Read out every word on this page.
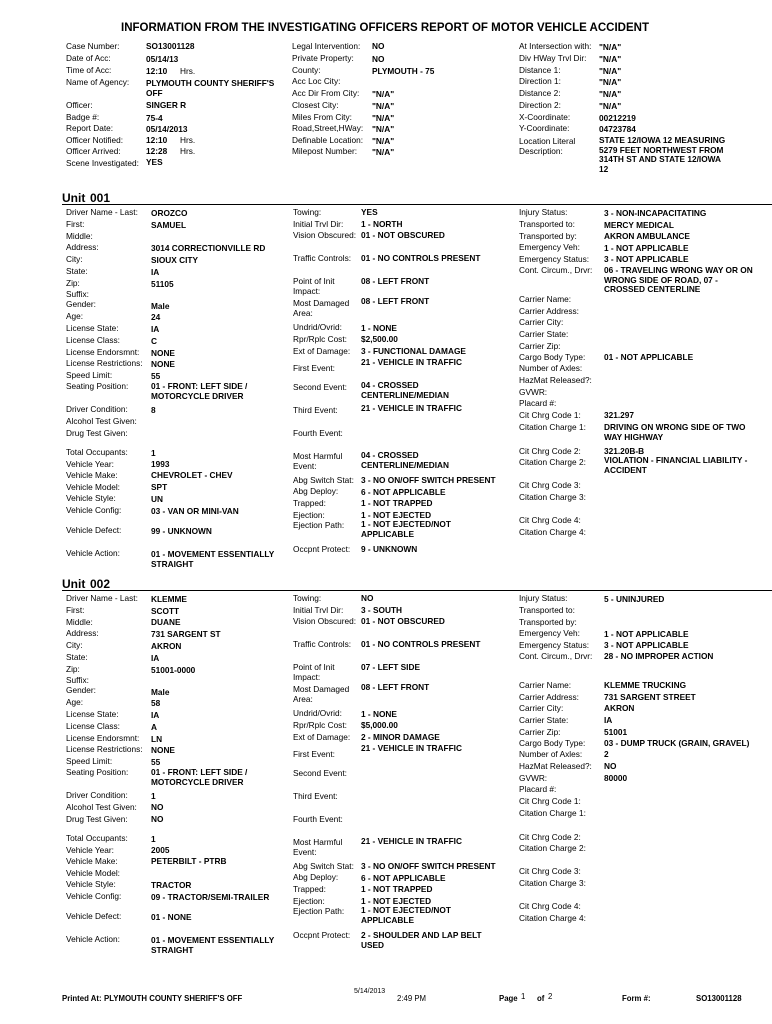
INFORMATION FROM THE INVESTIGATING OFFICERS REPORT OF MOTOR VEHICLE ACCIDENT
Case Number:	SO13001128
Date of Acc:	05/14/13
Time of Acc:	12:10 Hrs.
Name of Agency: PLYMOUTH COUNTY SHERIFF'S OFF
Officer:	SINGER R
Badge #:	75-4
Report Date:	05/14/2013
Officer Notified:	12:10 Hrs.
Officer Arrived:	12:28 Hrs.
Scene Investigated: YES
Legal Intervention: NO
Private Property: NO
County:	PLYMOUTH - 75
Acc Loc City:
Acc Dir From City: "N/A"
Closest City:	"N/A"
Miles From City: "N/A"
Road,Street,HWay: "N/A"
Definable Location: "N/A"
Milepost Number: "N/A"
At Intersection with: "N/A"
Div HWay Trvl Dir: "N/A"
Distance 1:	"N/A"
Direction 1:	"N/A"
Distance 2:	"N/A"
Direction 2:	"N/A"
X-Coordinate:	00212219
Y-Coordinate:	04723784
Location Literal Description:
STATE 12/IOWA 12 MEASURING 5279 FEET NORTHWEST FROM 314TH ST AND STATE 12/IOWA 12
Unit 001
Driver Name - Last: OROZCO
First:	SAMUEL
Middle:
Address:	3014 CORRECTIONVILLE RD
City:	SIOUX CITY
State:	IA
Zip:	51105
Suffix:
Gender:	Male
Age:	24
License State:	IA
License Class:	C
License Endorsmnt: NONE
License Restrictions: NONE
Speed Limit:	55
Seating Position:	01 - FRONT: LEFT SIDE / MOTORCYCLE DRIVER
Driver Condition:	8
Alcohol Test Given:
Drug Test Given:
Total Occupants:	1
Vehicle Year:	1993
Vehicle Make:	CHEVROLET - CHEV
Vehicle Model:	SPT
Vehicle Style:	UN
Vehicle Config:	03 - VAN OR MINI-VAN
Vehicle Defect:	99 - UNKNOWN
Vehicle Action:	01 - MOVEMENT ESSENTIALLY STRAIGHT
Towing:	YES
Initial Trvl Dir: 1 - NORTH
Vision Obscured: 01 - NOT OBSCURED
Traffic Controls: 01 - NO CONTROLS PRESENT
Point of Init Impact:
08 - LEFT FRONT
Most Damaged Area:
08 - LEFT FRONT
Undrid/Ovrid: 1 - NONE
Rpr/Rplc Cost: $2,500.00
Ext of Damage: 3 - FUNCTIONAL DAMAGE
First Event:
21 - VEHICLE IN TRAFFIC
Second Event: 04 - CROSSED CENTERLINE/MEDIAN
Third Event:	21 - VEHICLE IN TRAFFIC
Fourth Event:
Most Harmful Event:
04 - CROSSED CENTERLINE/MEDIAN
Abg Switch Stat: 3 - NO ON/OFF SWITCH PRESENT
Abg Deploy:	6 - NOT APPLICABLE
Trapped:	1 - NOT TRAPPED
Ejection:	1 - NOT EJECTED
Ejection Path: 1 - NOT EJECTED/NOT APPLICABLE
Occpnt Protect: 9 - UNKNOWN
Injury Status:	3 - NON-INCAPACITATING
Transported to:	MERCY MEDICAL
Transported by:	AKRON AMBULANCE
Emergency Veh:	1 - NOT APPLICABLE
Emergency Status: 3 - NOT APPLICABLE
Cont. Circum., Drvr: 06 - TRAVELING WRONG WAY OR ON WRONG SIDE OF ROAD, 07 - CROSSED CENTERLINE
Carrier Name:
Carrier Address:
Carrier City:
Carrier State:
Carrier Zip:
Cargo Body Type: 01 - NOT APPLICABLE
Number of Axles:
HazMat Released?:
GVWR:
Placard #:
Cit Chrg Code 1:	321.297
Citation Charge 1: DRIVING ON WRONG SIDE OF TWO WAY HIGHWAY
Cit Chrg Code 2:	321.20B-B
Citation Charge 2: VIOLATION - FINANCIAL LIABILITY - ACCIDENT
Cit Chrg Code 3:
Citation Charge 3:
Cit Chrg Code 4:
Citation Charge 4:
Unit 002
Driver Name - Last: KLEMME
First:	SCOTT
Middle:	DUANE
Address:	731 SARGENT ST
City:	AKRON
State:	IA
Zip:	51001-0000
Suffix:
Gender:	Male
Age:	58
License State:	IA
License Class:	A
License Endorsmnt: LN
License Restrictions: NONE
Speed Limit:	55
Seating Position:	01 - FRONT: LEFT SIDE / MOTORCYCLE DRIVER
Driver Condition:	1
Alcohol Test Given: NO
Drug Test Given:	NO
Total Occupants:	1
Vehicle Year:	2005
Vehicle Make:	PETERBILT - PTRB
Vehicle Model:
Vehicle Style:	TRACTOR
Vehicle Config:	09 - TRACTOR/SEMI-TRAILER
Vehicle Defect:	01 - NONE
Vehicle Action:	01 - MOVEMENT ESSENTIALLY STRAIGHT
Towing:	NO
Initial Trvl Dir: 3 - SOUTH
Vision Obscured: 01 - NOT OBSCURED
Traffic Controls: 01 - NO CONTROLS PRESENT
Point of Init Impact:
07 - LEFT SIDE
Most Damaged Area:
08 - LEFT FRONT
Undrid/Ovrid: 1 - NONE
Rpr/Rplc Cost: $5,000.00
Ext of Damage: 2 - MINOR DAMAGE
First Event:
21 - VEHICLE IN TRAFFIC
Second Event:
Third Event:
Fourth Event:
Most Harmful Event:
21 - VEHICLE IN TRAFFIC
Abg Switch Stat: 3 - NO ON/OFF SWITCH PRESENT
Abg Deploy:	6 - NOT APPLICABLE
Trapped:	1 - NOT TRAPPED
Ejection:	1 - NOT EJECTED
Ejection Path: 1 - NOT EJECTED/NOT APPLICABLE
Occpnt Protect: 2 - SHOULDER AND LAP BELT USED
Injury Status:	5 - UNINJURED
Transported to:
Transported by:
Emergency Veh:	1 - NOT APPLICABLE
Emergency Status: 3 - NOT APPLICABLE
Cont. Circum., Drvr: 28 - NO IMPROPER ACTION
Carrier Name:	KLEMME TRUCKING
Carrier Address:	731 SARGENT STREET
Carrier City:	AKRON
Carrier State:	IA
Carrier Zip:	51001
Cargo Body Type: 03 - DUMP TRUCK (GRAIN, GRAVEL)
Number of Axles:	2
HazMat Released?: NO
GVWR:	80000
Placard #:
Cit Chrg Code 1:
Citation Charge 1:
Cit Chrg Code 2:
Citation Charge 2:
Cit Chrg Code 3:
Citation Charge 3:
Cit Chrg Code 4:
Citation Charge 4:
Printed At: PLYMOUTH COUNTY SHERIFF'S OFF
5/14/2013
2:49 PM	Page 1 of 2	Form #:	SO13001128
